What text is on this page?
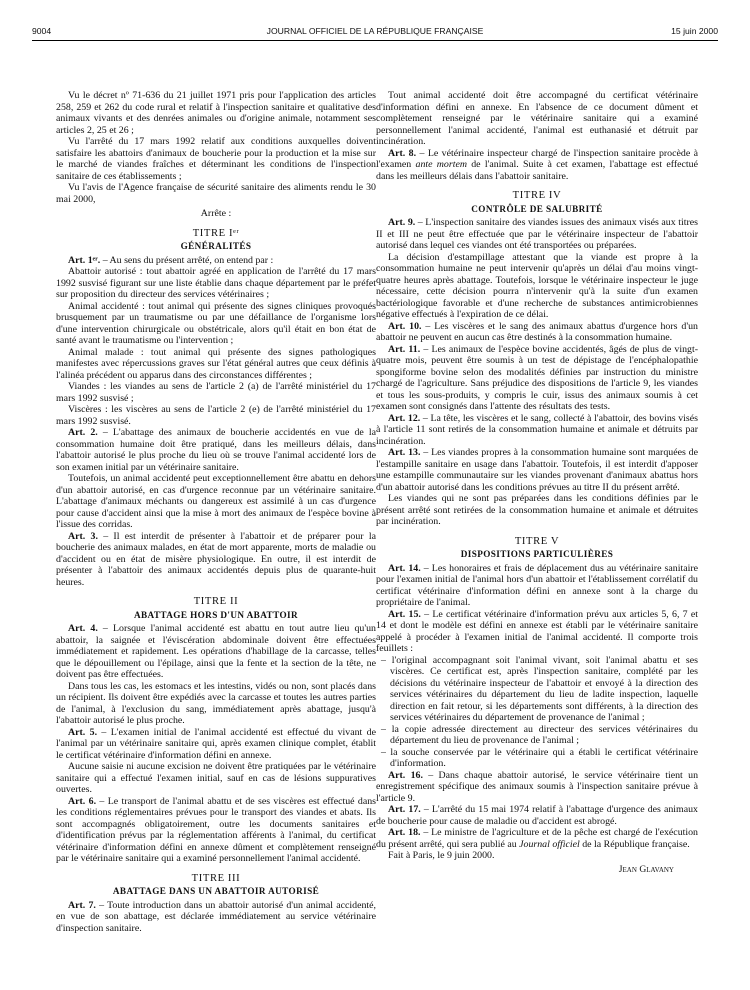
9004	JOURNAL OFFICIEL DE LA RÉPUBLIQUE FRANÇAISE	15 juin 2000

Vu le décret nº 71-636 du 21 juillet 1971 pris pour l'application des articles 258, 259 et 262 du code rural et relatif à l'inspection sanitaire et qualitative des animaux vivants et des denrées animales ou d'origine animale, notamment ses articles 2, 25 et 26 ;

Vu l'arrêté du 17 mars 1992 relatif aux conditions auxquelles doivent satisfaire les abattoirs d'animaux de boucherie pour la production et la mise sur le marché de viandes fraîches et déterminant les conditions de l'inspection sanitaire de ces établissements ;

Vu l'avis de l'Agence française de sécurité sanitaire des aliments rendu le 30 mai 2000,

Arrête :

TITRE Iᵉʳ

GÉNÉRALITÉS

Art. 1ᵉʳ. – Au sens du présent arrêté, on entend par :

Abattoir autorisé : tout abattoir agréé en application de l'arrêté du 17 mars 1992 susvisé figurant sur une liste établie dans chaque département par le préfet sur proposition du directeur des services vétérinaires ;

Animal accidenté : tout animal qui présente des signes cliniques provoqués brusquement par un traumatisme ou par une défaillance de l'organisme lors d'une intervention chirurgicale ou obstétricale, alors qu'il était en bon état de santé avant le traumatisme ou l'intervention ;

Animal malade : tout animal qui présente des signes pathologiques manifestes avec répercussions graves sur l'état général autres que ceux définis à l'alinéa précédent ou apparus dans des circonstances différentes ;

Viandes : les viandes au sens de l'article 2 (a) de l'arrêté ministériel du 17 mars 1992 susvisé ;

Viscères : les viscères au sens de l'article 2 (e) de l'arrêté ministériel du 17 mars 1992 susvisé.

Art. 2. – L'abattage des animaux de boucherie accidentés en vue de la consommation humaine doit être pratiqué, dans les meilleurs délais, dans l'abattoir autorisé le plus proche du lieu où se trouve l'animal accidenté lors de son examen initial par un vétérinaire sanitaire.

Toutefois, un animal accidenté peut exceptionnellement être abattu en dehors d'un abattoir autorisé, en cas d'urgence reconnue par un vétérinaire sanitaire. L'abattage d'animaux méchants ou dangereux est assimilé à un cas d'urgence pour cause d'accident ainsi que la mise à mort des animaux de l'espèce bovine à l'issue des corridas.

Art. 3. – Il est interdit de présenter à l'abattoir et de préparer pour la boucherie des animaux malades, en état de mort apparente, morts de maladie ou d'accident ou en état de misère physiologique. En outre, il est interdit de présenter à l'abattoir des animaux accidentés depuis plus de quarante-huit heures.

TITRE II

ABATTAGE HORS D'UN ABATTOIR

Art. 4. – Lorsque l'animal accidenté est abattu en tout autre lieu qu'un abattoir, la saignée et l'éviscération abdominale doivent être effectuées immédiatement et rapidement. Les opérations d'habillage de la carcasse, telles que le dépouillement ou l'épilage, ainsi que la fente et la section de la tête, ne doivent pas être effectuées.

Dans tous les cas, les estomacs et les intestins, vidés ou non, sont placés dans un récipient. Ils doivent être expédiés avec la carcasse et toutes les autres parties de l'animal, à l'exclusion du sang, immédiatement après abattage, jusqu'à l'abattoir autorisé le plus proche.

Art. 5. – L'examen initial de l'animal accidenté est effectué du vivant de l'animal par un vétérinaire sanitaire qui, après examen clinique complet, établit le certificat vétérinaire d'information défini en annexe.

Aucune saisie ni aucune excision ne doivent être pratiquées par le vétérinaire sanitaire qui a effectué l'examen initial, sauf en cas de lésions suppuratives ouvertes.

Art. 6. – Le transport de l'animal abattu et de ses viscères est effectué dans les conditions réglementaires prévues pour le transport des viandes et abats. Ils sont accompagnés obligatoirement, outre les documents sanitaires et d'identification prévus par la réglementation afférents à l'animal, du certificat vétérinaire d'information défini en annexe dûment et complètement renseigné par le vétérinaire sanitaire qui a examiné personnellement l'animal accidenté.

TITRE III

ABATTAGE DANS UN ABATTOIR AUTORISÉ

Art. 7. – Toute introduction dans un abattoir autorisé d'un animal accidenté, en vue de son abattage, est déclarée immédiatement au service vétérinaire d'inspection sanitaire.

Tout animal accidenté doit être accompagné du certificat vétérinaire d'information défini en annexe. En l'absence de ce document dûment et complètement renseigné par le vétérinaire sanitaire qui a examiné personnellement l'animal accidenté, l'animal est euthanasié et détruit par incinération.

Art. 8. – Le vétérinaire inspecteur chargé de l'inspection sanitaire procède à l'examen ante mortem de l'animal. Suite à cet examen, l'abattage est effectué dans les meilleurs délais dans l'abattoir sanitaire.

TITRE IV

CONTRÔLE DE SALUBRITÉ

Art. 9. – L'inspection sanitaire des viandes issues des animaux visés aux titres II et III ne peut être effectuée que par le vétérinaire inspecteur de l'abattoir autorisé dans lequel ces viandes ont été transportées ou préparées.

La décision d'estampillage attestant que la viande est propre à la consommation humaine ne peut intervenir qu'après un délai d'au moins vingt-quatre heures après abattage. Toutefois, lorsque le vétérinaire inspecteur le juge nécessaire, cette décision pourra n'intervenir qu'à la suite d'un examen bactériologique favorable et d'une recherche de substances antimicrobiennes négative effectués à l'expiration de ce délai.

Art. 10. – Les viscères et le sang des animaux abattus d'urgence hors d'un abattoir ne peuvent en aucun cas être destinés à la consommation humaine.

Art. 11. – Les animaux de l'espèce bovine accidentés, âgés de plus de vingt-quatre mois, peuvent être soumis à un test de dépistage de l'encéphalopathie spongiforme bovine selon des modalités définies par instruction du ministre chargé de l'agriculture. Sans préjudice des dispositions de l'article 9, les viandes et tous les sous-produits, y compris le cuir, issus des animaux soumis à cet examen sont consignés dans l'attente des résultats des tests.

Art. 12. – La tête, les viscères et le sang, collecté à l'abattoir, des bovins visés à l'article 11 sont retirés de la consommation humaine et animale et détruits par incinération.

Art. 13. – Les viandes propres à la consommation humaine sont marquées de l'estampille sanitaire en usage dans l'abattoir. Toutefois, il est interdit d'apposer une estampille communautaire sur les viandes provenant d'animaux abattus hors d'un abattoir autorisé dans les conditions prévues au titre II du présent arrêté.

Les viandes qui ne sont pas préparées dans les conditions définies par le présent arrêté sont retirées de la consommation humaine et animale et détruites par incinération.

TITRE V

DISPOSITIONS PARTICULIÈRES

Art. 14. – Les honoraires et frais de déplacement dus au vétérinaire sanitaire pour l'examen initial de l'animal hors d'un abattoir et l'établissement corrélatif du certificat vétérinaire d'information défini en annexe sont à la charge du propriétaire de l'animal.

Art. 15. – Le certificat vétérinaire d'information prévu aux articles 5, 6, 7 et 14 et dont le modèle est défini en annexe est établi par le vétérinaire sanitaire appelé à procéder à l'examen initial de l'animal accidenté. Il comporte trois feuillets :

– l'original accompagnant soit l'animal vivant, soit l'animal abattu et ses viscères. Ce certificat est, après l'inspection sanitaire, complété par les décisions du vétérinaire inspecteur de l'abattoir et envoyé à la direction des services vétérinaires du département du lieu de ladite inspection, laquelle direction en fait retour, si les départements sont différents, à la direction des services vétérinaires du département de provenance de l'animal ;
– la copie adressée directement au directeur des services vétérinaires du département du lieu de provenance de l'animal ;
– la souche conservée par le vétérinaire qui a établi le certificat vétérinaire d'information.

Art. 16. – Dans chaque abattoir autorisé, le service vétérinaire tient un enregistrement spécifique des animaux soumis à l'inspection sanitaire prévue à l'article 9.

Art. 17. – L'arrêté du 15 mai 1974 relatif à l'abattage d'urgence des animaux de boucherie pour cause de maladie ou d'accident est abrogé.

Art. 18. – Le ministre de l'agriculture et de la pêche est chargé de l'exécution du présent arrêté, qui sera publié au Journal officiel de la République française.

Fait à Paris, le 9 juin 2000.

Jean Glavany
